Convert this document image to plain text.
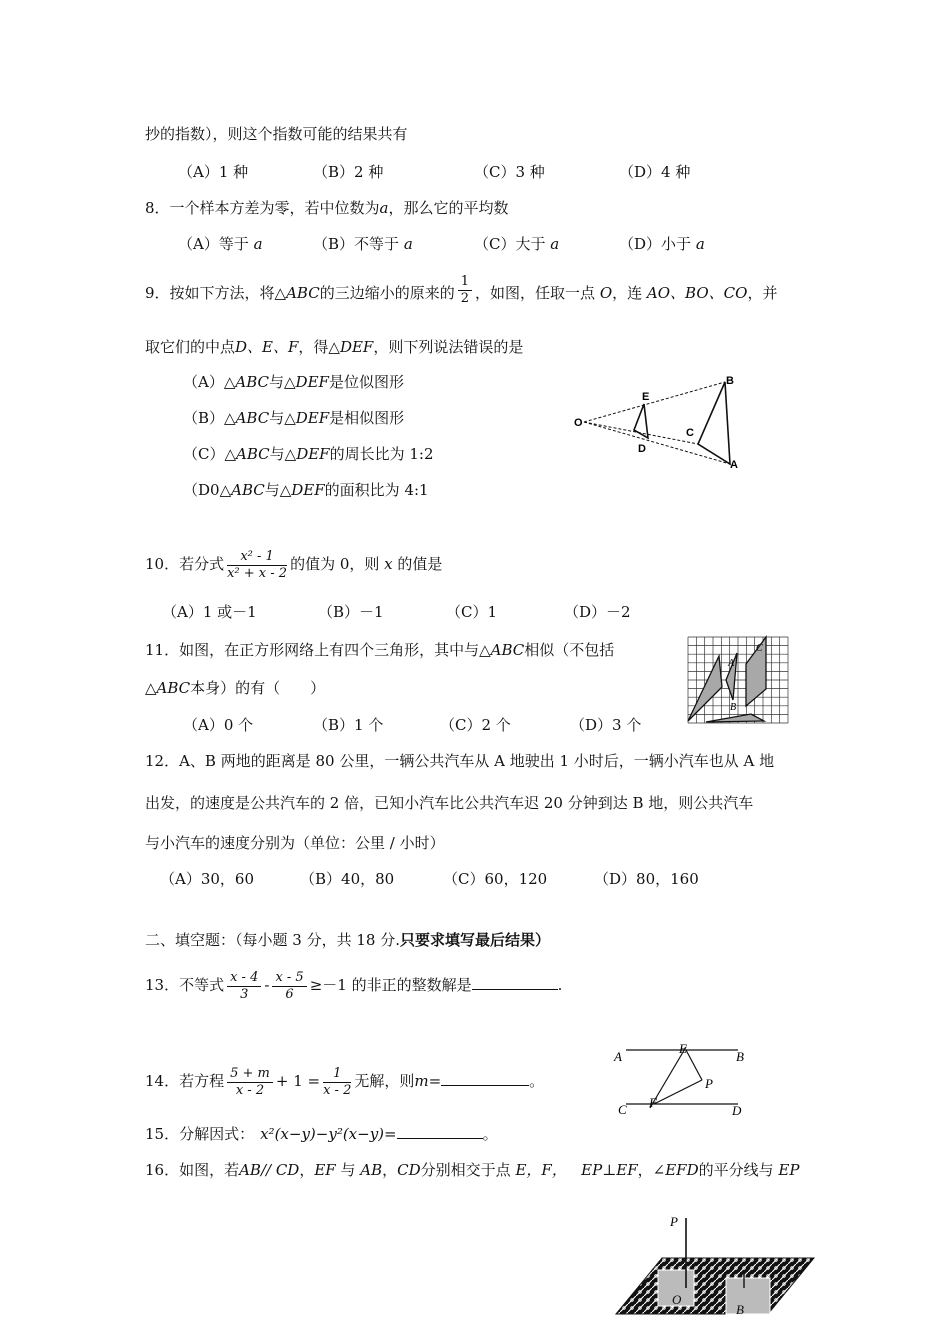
抄的指数），则这个指数可能的结果共有
（A）1 种	（B）2 种	（C）3 种	（D）4 种
8．一个样本方差为零，若中位数为a，那么它的平均数
（A）等于 a	（B）不等于 a	（C）大于 a	（D）小于 a
9．按如下方法，将△ABC的三边缩小的原来的 $\frac{1}{2}$ ，如图，任取一点 O，连 AO、BO、CO，并
取它们的中点D、E、F，得△DEF，则下列说法错误的是
（A）△ABC与△DEF是位似图形
（B）△ABC与△DEF是相似图形
（C）△ABC与△DEF的周长比为 1:2
（D0△ABC与△DEF的面积比为 4:1
O
E
B
C
D
A
10．若分式 $\frac{\text{x² - 1}}{\text{x² + x - 2}}$ 的值为 0，则 x 的值是
（A）1 或－1	（B）－1	（C）1	（D）－2
11．如图，在正方形网络上有四个三角形，其中与△ABC相似（不包括
△ABC本身）的有（　　）
（A）0 个	（B）1 个	（C）2 个	（D）3 个
A
B
C
12．A、B 两地的距离是 80 公里，一辆公共汽车从 A 地驶出 1 小时后，一辆小汽车也从 A 地
出发，的速度是公共汽车的 2 倍，已知小汽车比公共汽车迟 20 分钟到达 B 地，则公共汽车
与小汽车的速度分别为（单位：公里 / 小时）
（A）30，60	（B）40，80	（C）60，120	（D）80，160
二、填空题：（每小题 3 分，共 18 分.只要求填写最后结果）
13．不等式 $\frac{x - 4}{3} - \frac{x - 5}{6} \ge-1$ 的非正的整数解是	.
14．若方程 $\frac{5 + m}{x - 2} + 1 = \frac{1}{x - 2}$ 无解，则m=	。
A
E
B
P
C F
D
15．分解因式： x²(x−y)−y²(x−y)=	。
16．如图，若AB// CD，EF 与 AB，CD分别相交于点 E，F， EP⊥EF，∠EFD的平分线与 EP
P
O
B
